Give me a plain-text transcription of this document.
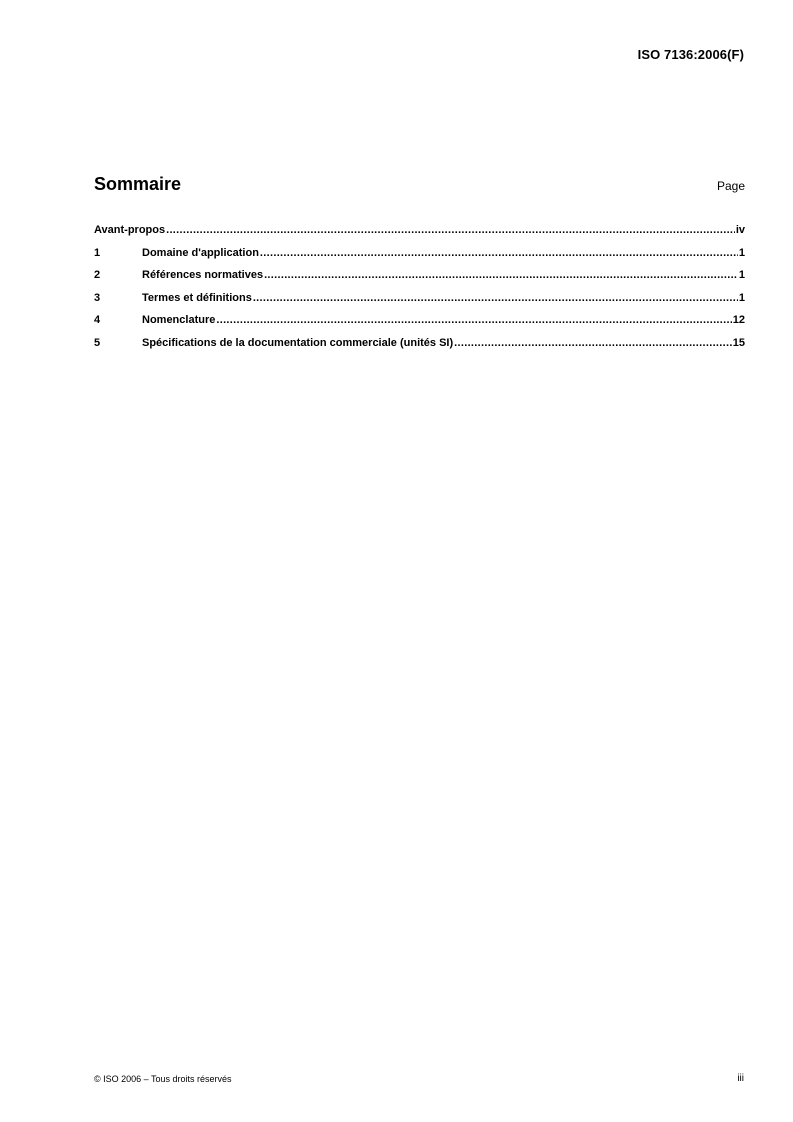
ISO 7136:2006(F)
Sommaire	Page
Avant-propos .....	iv
1	Domaine d'application .....	1
2	Références normatives .....	1
3	Termes et définitions .....	1
4	Nomenclature .....	12
5	Spécifications de la documentation commerciale (unités SI) .....	15
© ISO 2006 – Tous droits réservés	iii
